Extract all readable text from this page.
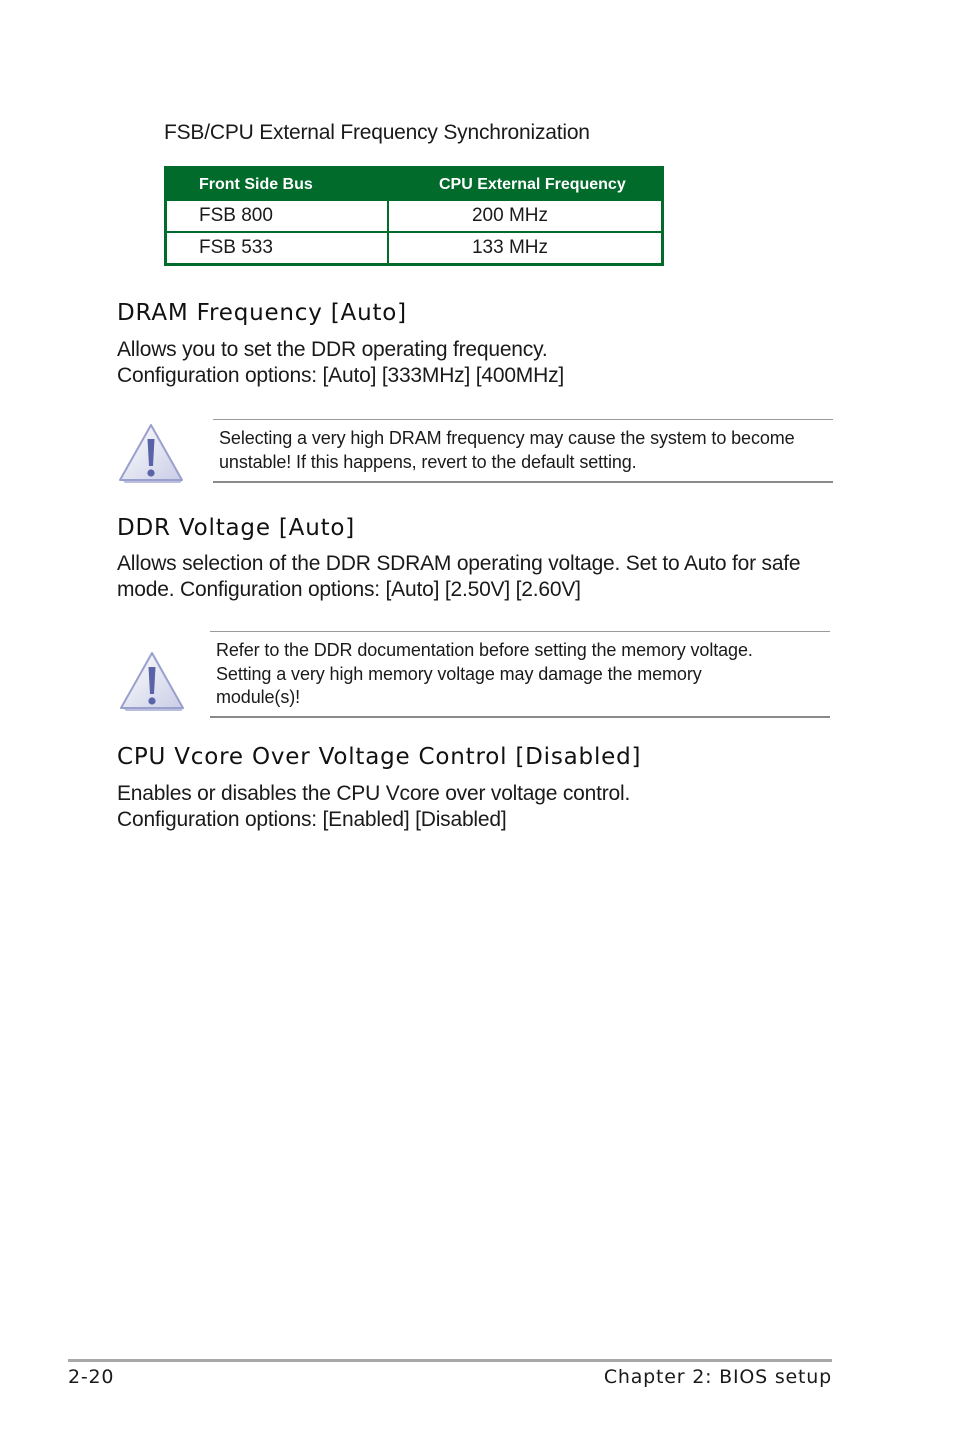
FSB/CPU External Frequency Synchronization
Front Side Bus	CPU External Frequency
FSB 800	200 MHz
FSB 533	133 MHz
DRAM Frequency [Auto]

Allows you to set the DDR operating frequency.

Configuration options: [Auto] [333MHz] [400MHz]

Selecting a very high DRAM frequency may cause the system to become

unstable! If this happens, revert to the default setting.

DDR Voltage [Auto]

Allows selection of the DDR SDRAM operating voltage. Set to Auto for safe

mode. Configuration options: [Auto] [2.50V] [2.60V]

Refer to the DDR documentation before setting the memory voltage.

Setting a very high memory voltage may damage the memory

module(s)!

CPU Vcore Over Voltage Control [Disabled]

Enables or disables the CPU Vcore over voltage control.

Configuration options: [Enabled] [Disabled]

2-20	Chapter 2: BIOS setup
